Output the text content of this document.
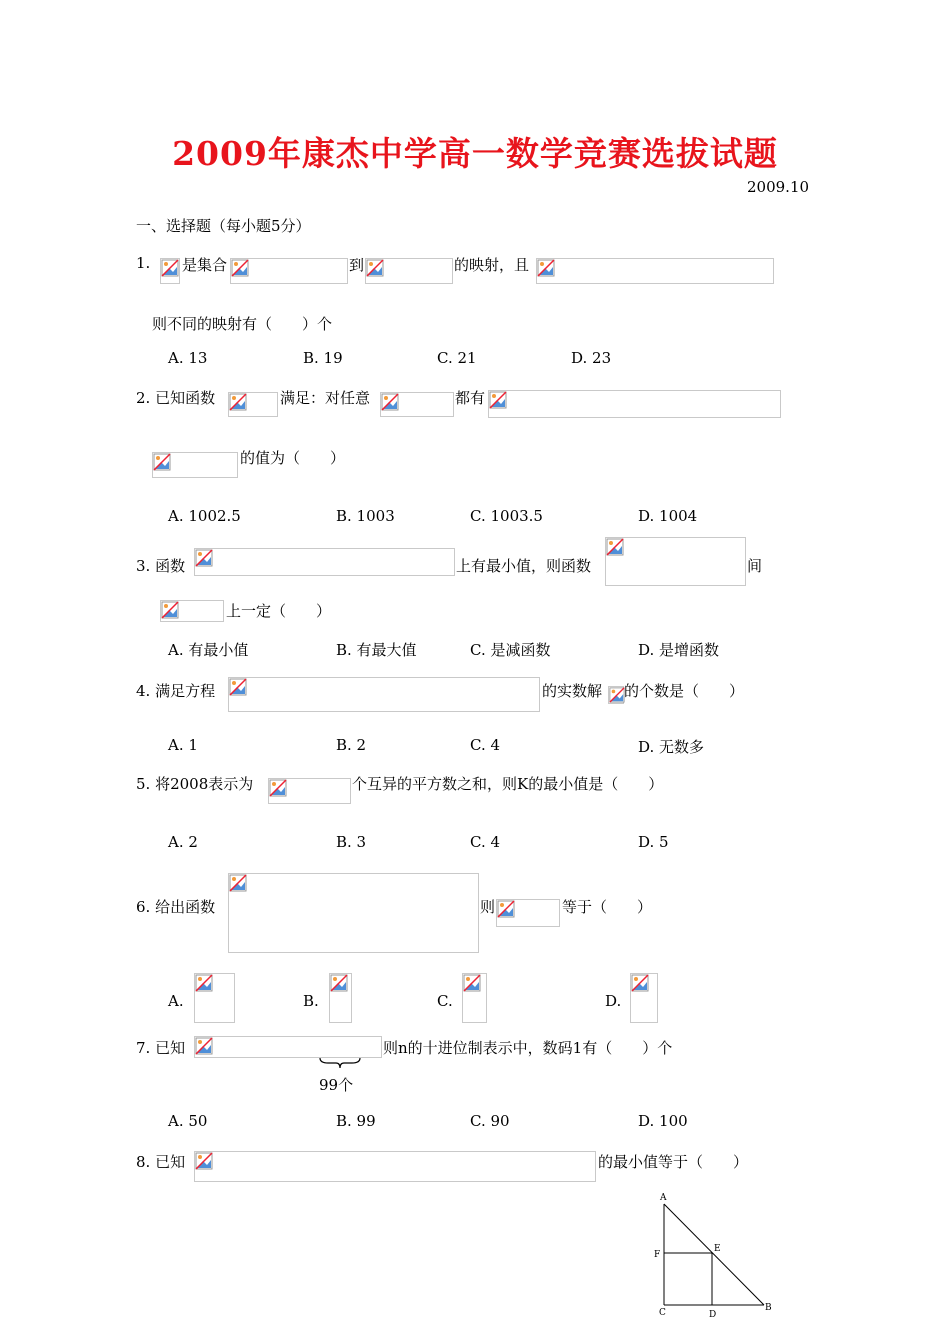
2009年康杰中学高一数学竞赛选拔试题
2009.10
一、选择题（每小题5分）
1. 是集合	到	的映射，且
则不同的映射有（　　）个
A. 13	B. 19	C. 21	D. 23
2. 已知函数	满足：对任意	都有
的值为（　　）
A. 1002.5	B. 1003	C. 1003.5	D. 1004
3. 函数	上有最小值，则函数	间
上一定（　　）
A. 有最小值	B. 有最大值	C. 是减函数	D. 是增函数
4. 满足方程	的实数解 的个数是（　　）
A. 1	B. 2	C. 4	D. 无数多
5. 将2008表示为	个互异的平方数之和，则K的最小值是（　　）
A. 2	B. 3	C. 4	D. 5
6. 给出函数	则	等于（　　）
A.	B.	C.	D.
7. 已知	则n的十进位制表示中，数码1有（　　）个
99个
A. 50	B. 99	C. 90	D. 100
8. 已知	的最小值等于（　　）
A
F
E
C	D
B
